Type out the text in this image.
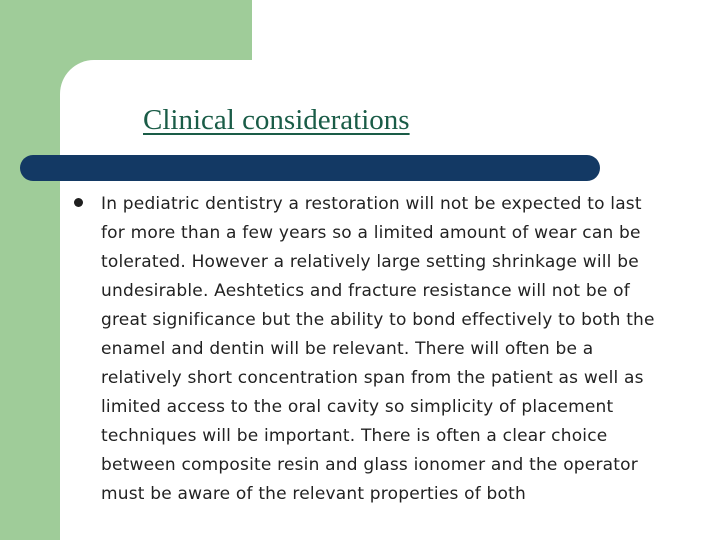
Clinical considerations

In pediatric dentistry a restoration will not be expected to last for more than a few years so a limited amount of wear can be tolerated. However a relatively large setting shrinkage will be undesirable. Aeshtetics and fracture resistance will not be of great significance but the ability to bond effectively to both the enamel and dentin will be relevant. There will often be a relatively short concentration span from the patient as well as limited access to the oral cavity so simplicity of placement techniques will be important. There is often a clear choice between composite resin and glass ionomer and the operator must be aware of the relevant properties of both
